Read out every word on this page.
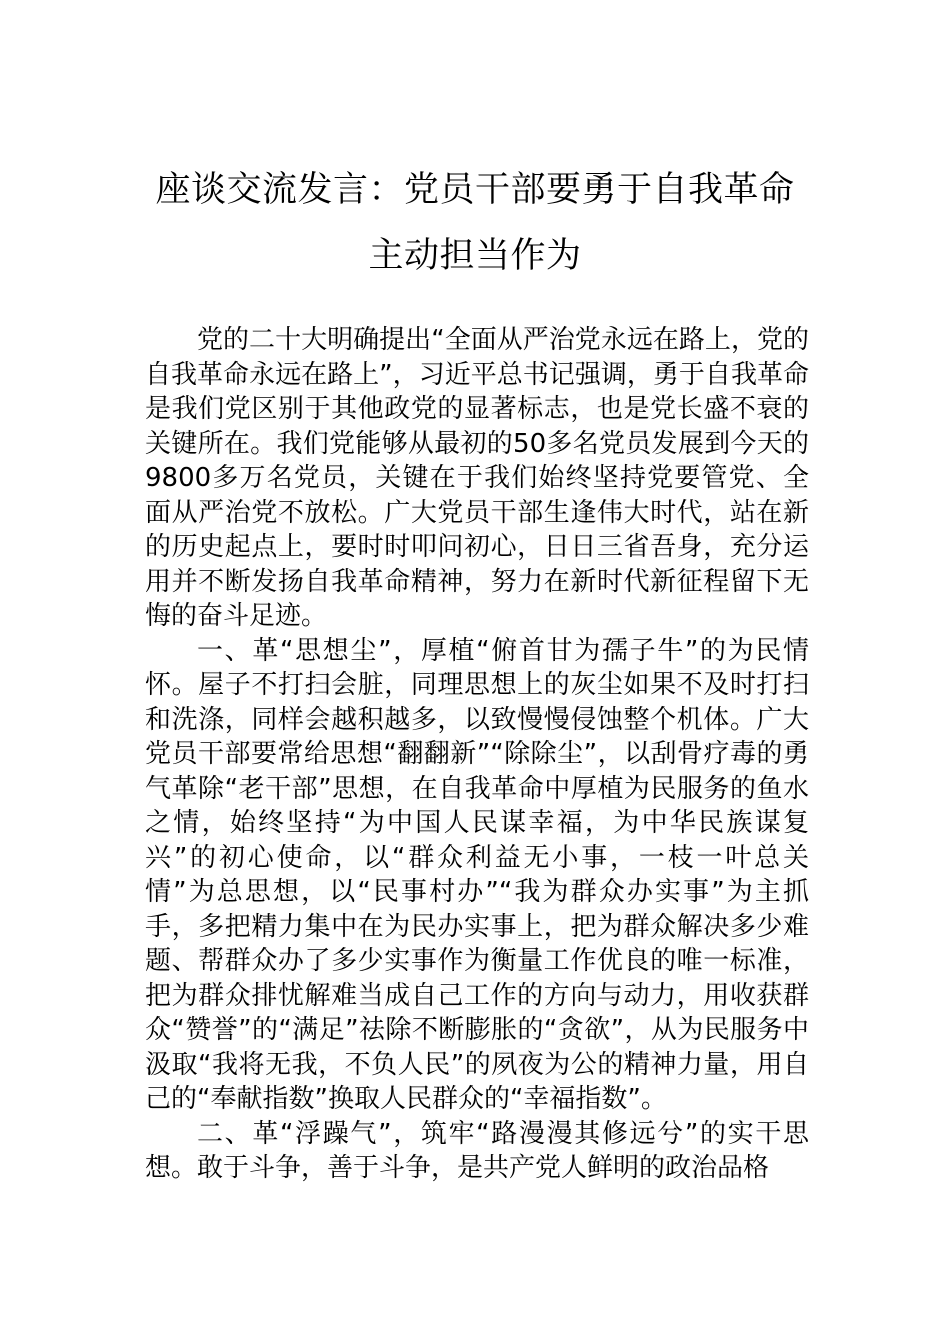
座谈交流发言：党员干部要勇于自我革命
主动担当作为

党的二十大明确提出“全面从严治党永远在路上，党的自我革命永远在路上”，习近平总书记强调，勇于自我革命是我们党区别于其他政党的显著标志，也是党长盛不衰的关键所在。我们党能够从最初的50多名党员发展到今天的9800多万名党员，关键在于我们始终坚持党要管党、全面从严治党不放松。广大党员干部生逢伟大时代，站在新的历史起点上，要时时叩问初心，日日三省吾身，充分运用并不断发扬自我革命精神，努力在新时代新征程留下无悔的奋斗足迹。

一、革“思想尘”，厚植“俯首甘为孺子牛”的为民情怀。屋子不打扫会脏，同理思想上的灰尘如果不及时打扫和洗涤，同样会越积越多，以致慢慢侵蚀整个机体。广大党员干部要常给思想“翻翻新”“除除尘”，以刮骨疗毒的勇气革除“老干部”思想，在自我革命中厚植为民服务的鱼水之情，始终坚持“为中国人民谋幸福，为中华民族谋复兴”的初心使命，以“群众利益无小事，一枝一叶总关情”为总思想，以“民事村办”“我为群众办实事”为主抓手，多把精力集中在为民办实事上，把为群众解决多少难题、帮群众办了多少实事作为衡量工作优良的唯一标准，把为群众排忧解难当成自己工作的方向与动力，用收获群众“赞誉”的“满足”祛除不断膨胀的“贪欲”，从为民服务中汲取“我将无我，不负人民”的夙夜为公的精神力量，用自己的“奉献指数”换取人民群众的“幸福指数”。

二、革“浮躁气”，筑牢“路漫漫其修远兮”的实干思想。敢于斗争，善于斗争，是共产党人鲜明的政治品格
